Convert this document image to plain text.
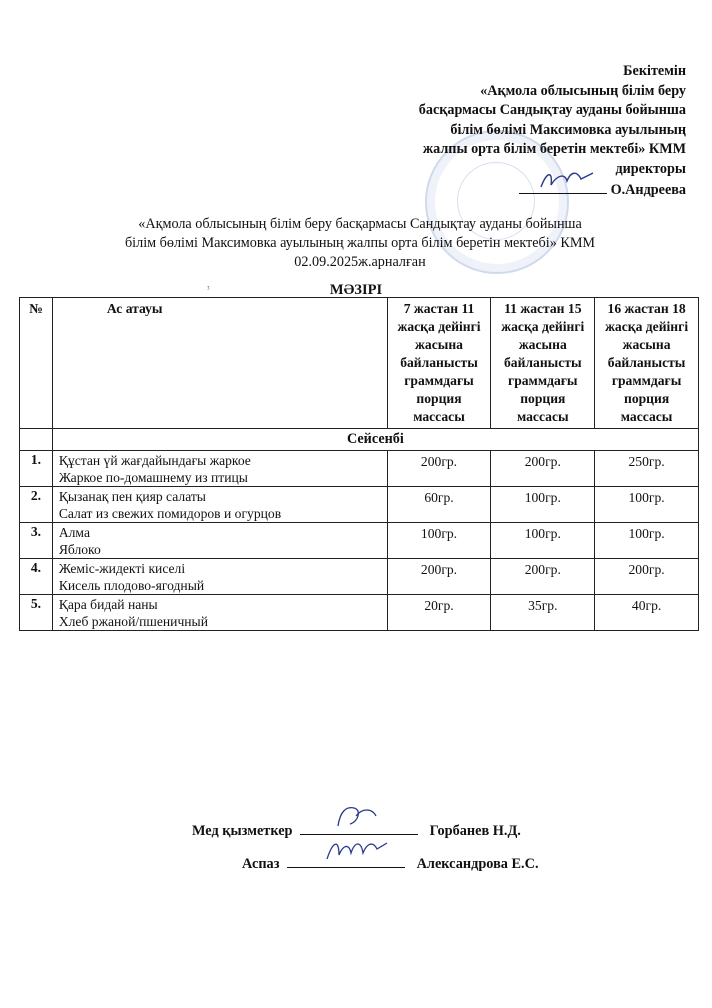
Бекітемін
«Ақмола облысының білім беру
басқармасы Сандықтау ауданы бойынша
білім бөлімі Максимовка ауылының
жалпы орта білім беретін мектебі» КММ
директоры
О.Андреева
«Ақмола облысының білім беру басқармасы Сандықтау ауданы бойынша
білім бөлімі Максимовка ауылының жалпы орта білім беретін мектебі» КММ
02.09.2025ж.арналған
ᶾ	МӘЗІРІ
№	Ас атауы	7 жастан 11 жасқа дейінгі жасына байланысты граммдағы порция массасы	11 жастан 15 жасқа дейінгі жасына байланысты граммдағы порция массасы	16 жастан 18 жасқа дейінгі жасына байланысты граммдағы порция массасы
	Сейсенбі			
1.	Құстан үй жағдайындағы жаркое
Жаркое по-домашнему из птицы	200гр.	200гр.	250гр.
2.	Қызанақ пен қияр салаты
Салат из свежих помидоров и огурцов	60гр.	100гр.	100гр.
3.	Алма
Яблоко	100гр.	100гр.	100гр.
4.	Жеміс-жидекті киселі
Кисель плодово-ягодный	200гр.	200гр.	200гр.
5.	Қара бидай наны
Хлеб ржаной/пшеничный	20гр.	35гр.	40гр.
Мед қызметкер	Горбанев Н.Д.
Аспаз	Александрова Е.С.
